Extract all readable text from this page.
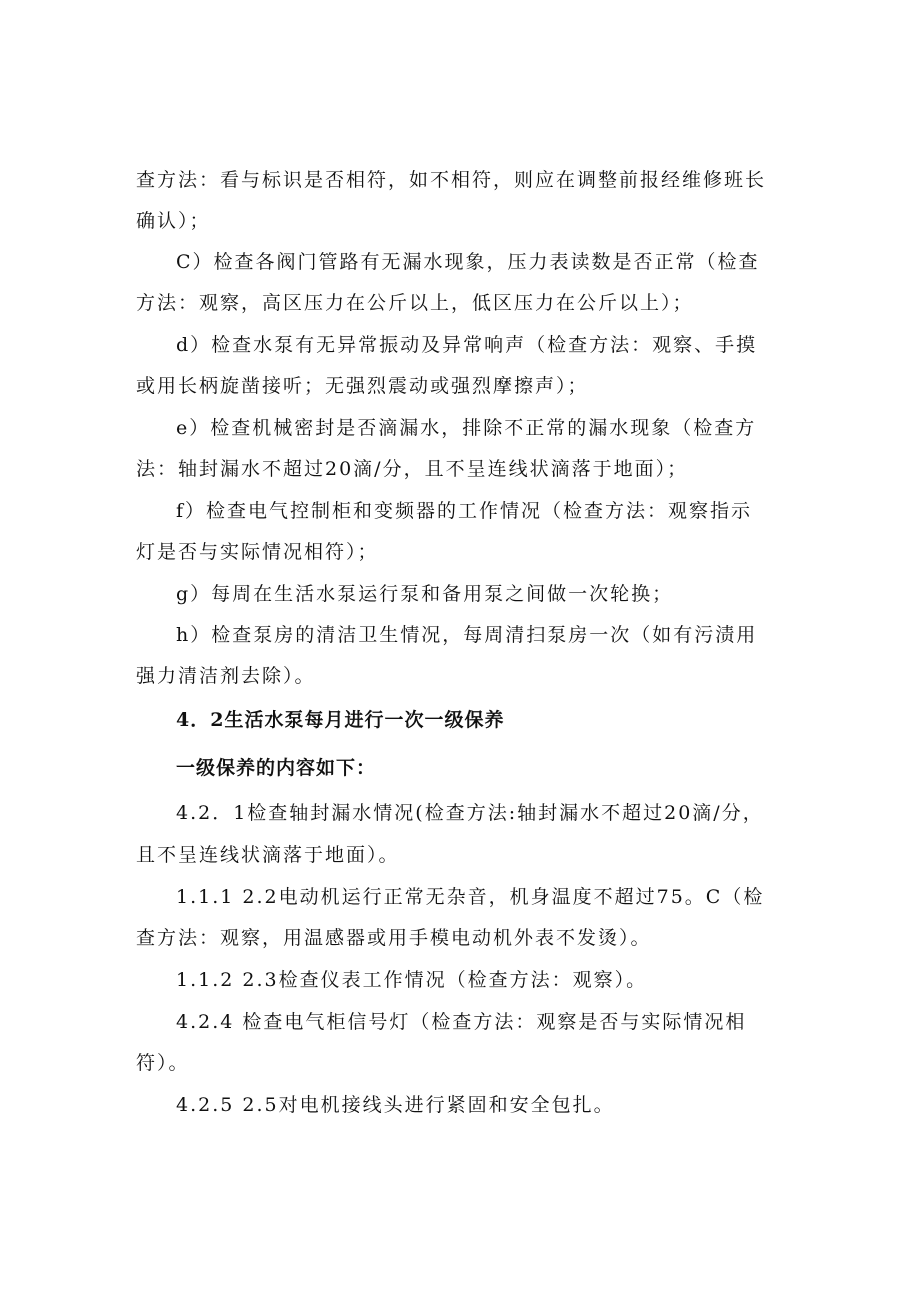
查方法：看与标识是否相符，如不相符，则应在调整前报经维修班长
确认）；
C）检查各阀门管路有无漏水现象，压力表读数是否正常（检查
方法：观察，高区压力在公斤以上，低区压力在公斤以上）；
d）检查水泵有无异常振动及异常响声（检查方法：观察、手摸
或用长柄旋凿接听；无强烈震动或强烈摩擦声）；
e）检查机械密封是否滴漏水，排除不正常的漏水现象（检查方
法：轴封漏水不超过20滴/分，且不呈连线状滴落于地面）；
f）检查电气控制柜和变频器的工作情况（检查方法：观察指示
灯是否与实际情况相符）；
g）每周在生活水泵运行泵和备用泵之间做一次轮换；
h）检查泵房的清洁卫生情况，每周清扫泵房一次（如有污渍用
强力清洁剂去除）。
4．2生活水泵每月进行一次一级保养
一级保养的内容如下：
4.2．1检查轴封漏水情况(检查方法:轴封漏水不超过20滴/分，
且不呈连线状滴落于地面）。
1.1.1 2.2电动机运行正常无杂音，机身温度不超过75。C（检
查方法：观察，用温感器或用手模电动机外表不发烫）。
1.1.2 2.3检查仪表工作情况（检查方法：观察）。
4.2.4 检查电气柜信号灯（检查方法：观察是否与实际情况相
符）。
4.2.5 2.5对电机接线头进行紧固和安全包扎。
